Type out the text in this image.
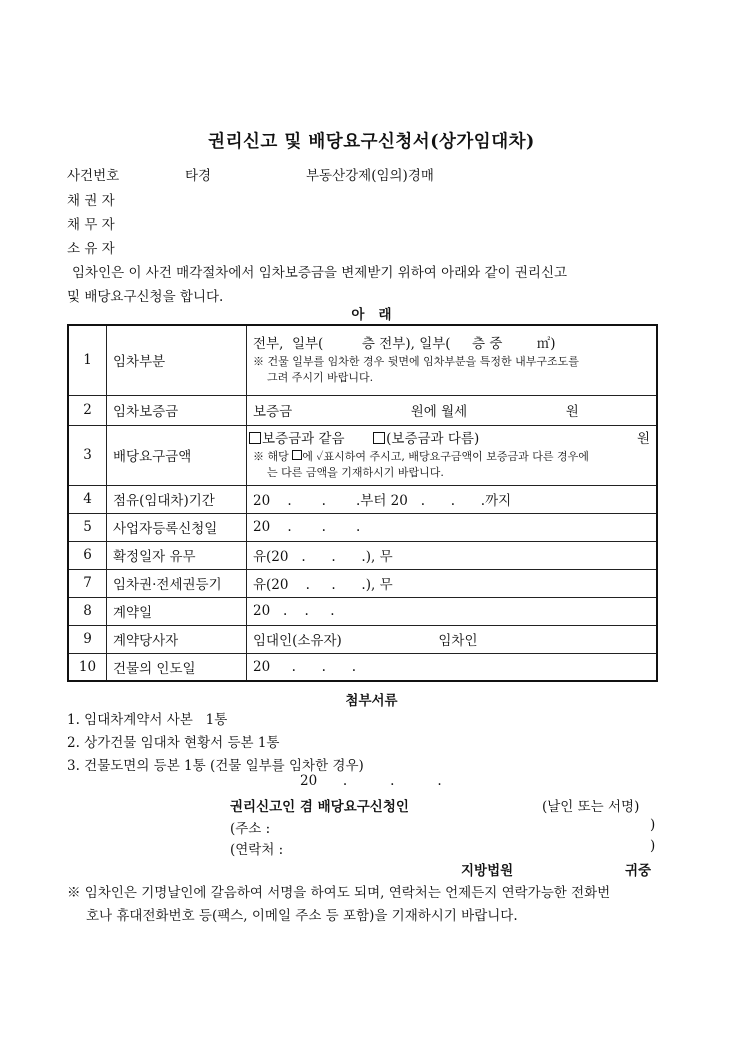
권리신고 및 배당요구신청서(상가임대차)
사건번호	타경	부동산강제(임의)경매
채 권 자
채 무 자
소 유 자
임차인은 이 사건 매각절차에서 임차보증금을 변제받기 위하여 아래와 같이 권리신고
및 배당요구신청을 합니다.
아   래
1	임차부분	전부,  일부(         층 전부), 일부(     층 중        ㎡)
※ 건물 일부를 임차한 경우 뒷면에 임차부분을 특정한 내부구조도를
그려 주시기 바랍니다.

2	임차보증금	보증금 원에 월세 원
3	배당요구금액	보증금과 같음 (보증금과 다름) 원
※ 해당 에 ✓표시하여 주시고, 배당요구금액이 보증금과 다른 경우에
는 다른 금액을 기재하시기 바랍니다.

4	점유(임대차)기간	20    .       .       .부터 20   .      .      .까지
5	사업자등록신청일	20    .       .       .
6	확정일자 유무	유(20   .      .      .), 무
7	임차권·전세권등기	유(20    .     .      .), 무
8	계약일	20   .    .     .
9	계약당사자	임대인(소유자) 임차인
10	건물의 인도일	20     .      .      .
첨부서류
1. 임대차계약서 사본   1통
2. 상가건물 임대차 현황서 등본 1통
3. 건물도면의 등본 1통 (건물 일부를 임차한 경우)
20      .          .          .
권리신고인 겸 배당요구신청인	(날인 또는 서명)
(주소 :	)
(연락처 :	)
지방법원	귀중
※ 임차인은 기명날인에 갈음하여 서명을 하여도 되며, 연락처는 언제든지 연락가능한 전화번
호나 휴대전화번호 등(팩스, 이메일 주소 등 포함)을 기재하시기 바랍니다.
